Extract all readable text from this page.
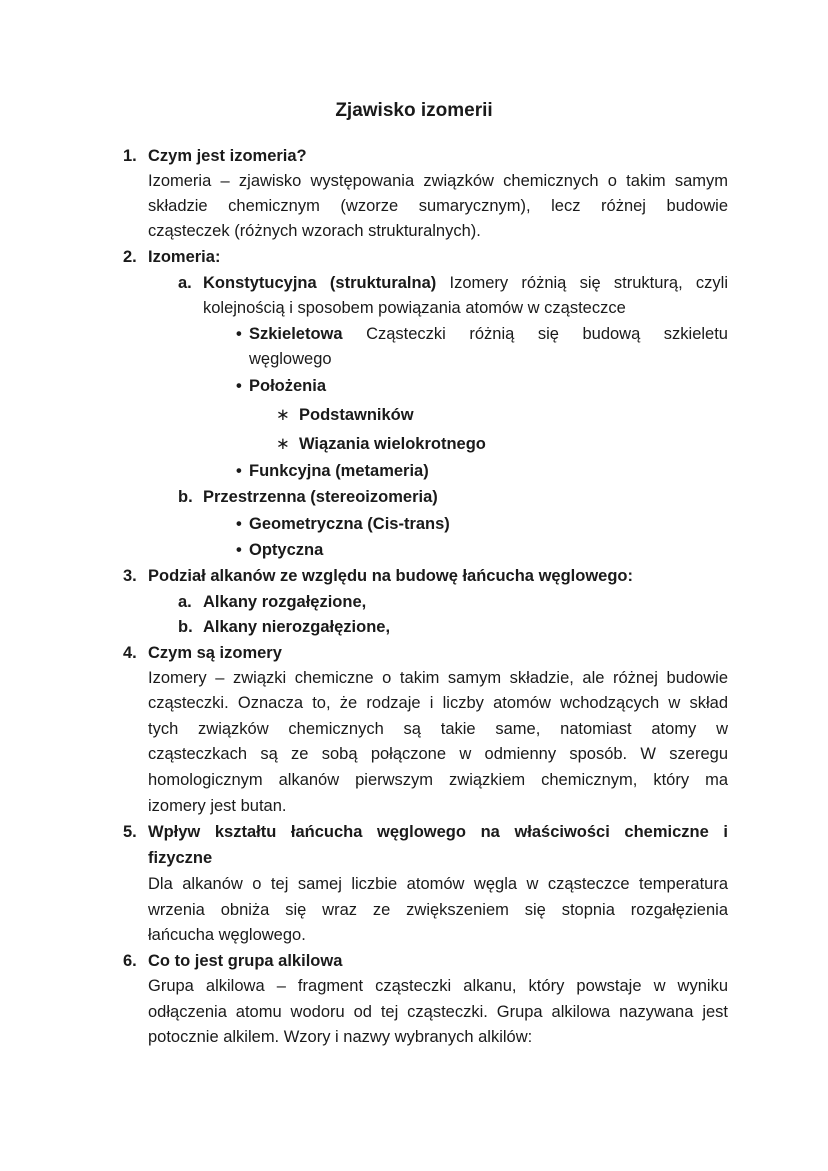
Zjawisko izomerii
1. Czym jest izomeria?
Izomeria – zjawisko występowania związków chemicznych o takim samym
składzie chemicznym (wzorze sumarycznym), lecz różnej budowie
cząsteczek (różnych wzorach strukturalnych).
2. Izomeria:
a. Konstytucyjna (strukturalna) Izomery różnią się strukturą, czyli
kolejnością i sposobem powiązania atomów w cząsteczce
• Szkieletowa Cząsteczki różnią się budową szkieletu
węglowego
• Położenia
∗ Podstawników
∗ Wiązania wielokrotnego
• Funkcyjna (metameria)
b. Przestrzenna (stereoizomeria)
• Geometryczna (Cis-trans)
• Optyczna
3. Podział alkanów ze względu na budowę łańcucha węglowego:
a. Alkany rozgałęzione,
b. Alkany nierozgałęzione,
4. Czym są izomery
Izomery – związki chemiczne o takim samym składzie, ale różnej budowie
cząsteczki. Oznacza to, że rodzaje i liczby atomów wchodzących w skład
tych związków chemicznych są takie same, natomiast atomy w
cząsteczkach są ze sobą połączone w odmienny sposób. W szeregu
homologicznym alkanów pierwszym związkiem chemicznym, który ma
izomery jest butan.
5. Wpływ kształtu łańcucha węglowego na właściwości chemiczne i
fizyczne
Dla alkanów o tej samej liczbie atomów węgla w cząsteczce temperatura
wrzenia obniża się wraz ze zwiększeniem się stopnia rozgałęzienia
łańcucha węglowego.
6. Co to jest grupa alkilowa
Grupa alkilowa – fragment cząsteczki alkanu, który powstaje w wyniku
odłączenia atomu wodoru od tej cząsteczki. Grupa alkilowa nazywana jest
potocznie alkilem. Wzory i nazwy wybranych alkilów:
